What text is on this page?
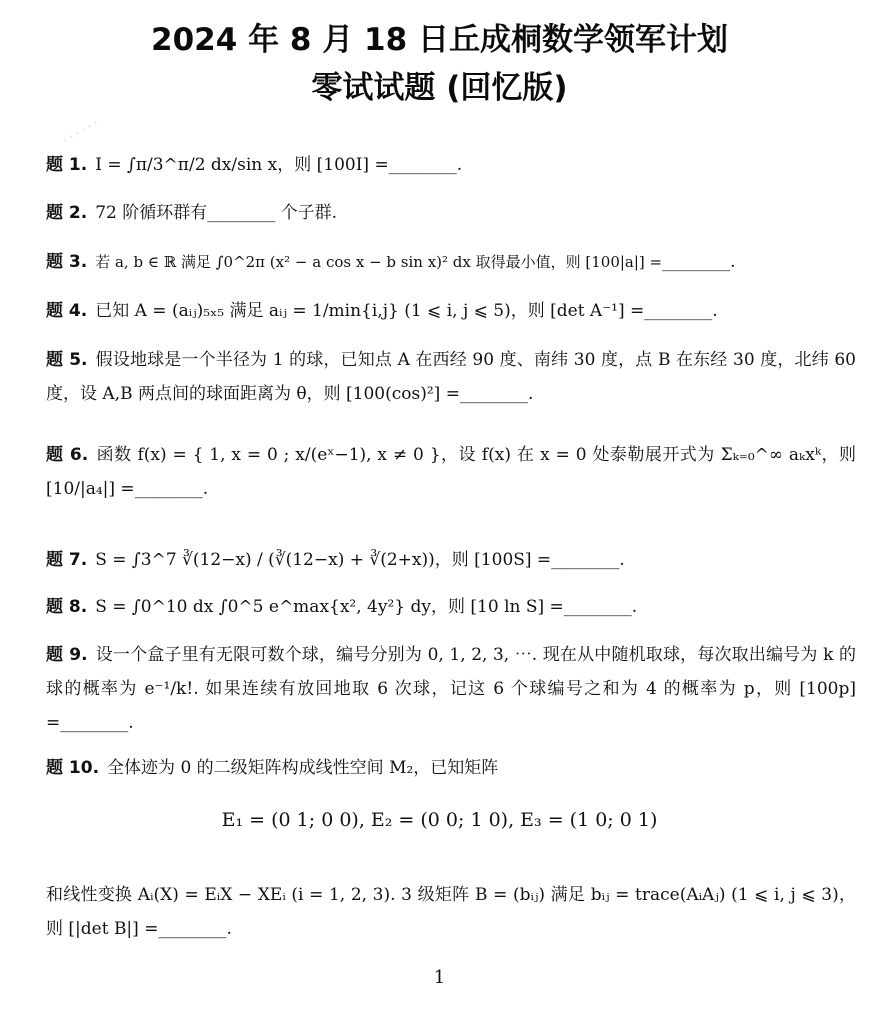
······
2024 年 8 月 18 日丘成桐数学领军计划
零试试题 (回忆版)
题 1. I = ∫π/3^π/2 dx/sin x，则 [100I] =________.
题 2. 72 阶循环群有________ 个子群.
题 3. 若 a, b ∈ ℝ 满足 ∫0^2π (x² − a cos x − b sin x)² dx 取得最小值，则 [100|a|] =________.
题 4. 已知 A = (aᵢⱼ)₅ₓ₅ 满足 aᵢⱼ = 1/min{i,j} (1 ⩽ i, j ⩽ 5)，则 [det A⁻¹] =________.
题 5. 假设地球是一个半径为 1 的球，已知点 A 在西经 90 度、南纬 30 度，点 B 在东经 30 度，北纬 60 度，设 A,B 两点间的球面距离为 θ，则 [100(cos)²] =________.
题 6. 函数 f(x) = { 1, x = 0 ; x/(eˣ−1), x ≠ 0 }，设 f(x) 在 x = 0 处泰勒展开式为 Σₖ₌₀^∞ aₖxᵏ，则 [10/|a₄|] =________.
题 7. S = ∫3^7 ∛(12−x) / (∛(12−x) + ∛(2+x))，则 [100S] =________.
题 8. S = ∫0^10 dx ∫0^5 e^max{x², 4y²} dy，则 [10 ln S] =________.
题 9. 设一个盒子里有无限可数个球，编号分别为 0, 1, 2, 3, ⋯. 现在从中随机取球，每次取出编号为 k 的球的概率为 e⁻¹/k!. 如果连续有放回地取 6 次球，记这 6 个球编号之和为 4 的概率为 p，则 [100p] =________.
题 10. 全体迹为 0 的二级矩阵构成线性空间 M₂，已知矩阵
E₁ = (0 1; 0 0), E₂ = (0 0; 1 0), E₃ = (1 0; 0 1)
和线性变换 Aᵢ(X) = EᵢX − XEᵢ (i = 1, 2, 3). 3 级矩阵 B = (bᵢⱼ) 满足 bᵢⱼ = trace(AᵢAⱼ) (1 ⩽ i, j ⩽ 3)，则 [|det B|] =________.
1
